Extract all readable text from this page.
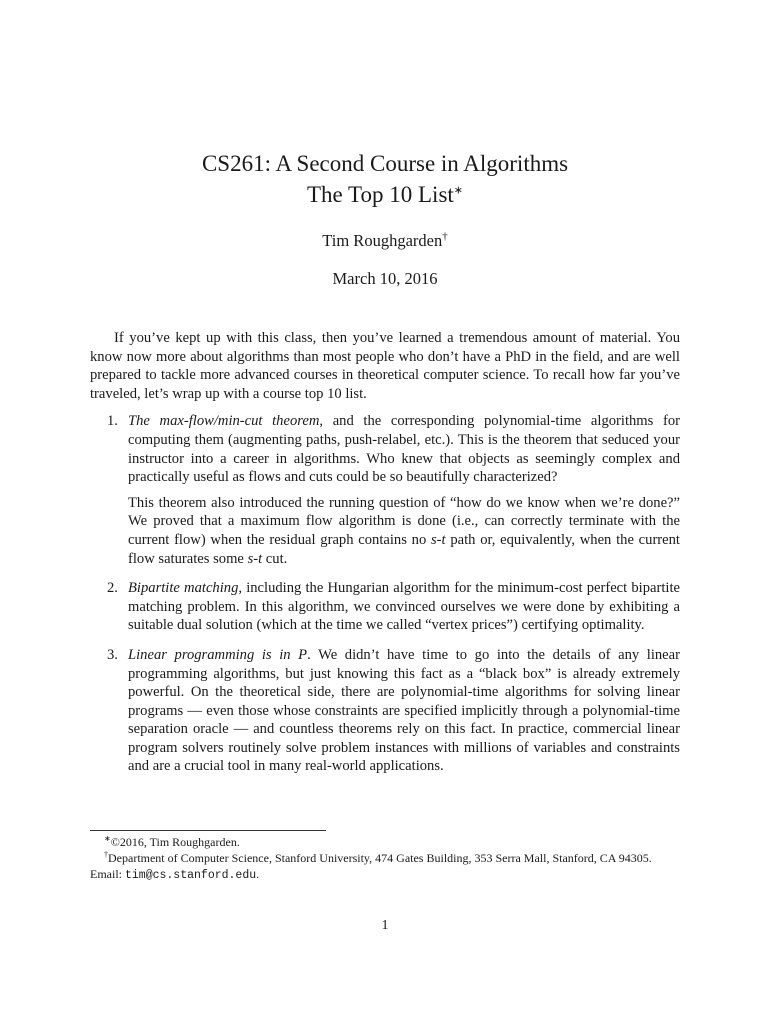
CS261: A Second Course in Algorithms
The Top 10 List∗
Tim Roughgarden†
March 10, 2016

If you’ve kept up with this class, then you’ve learned a tremendous amount of material. You know now more about algorithms than most people who don’t have a PhD in the field, and are well prepared to tackle more advanced courses in theoretical computer science. To recall how far you’ve traveled, let’s wrap up with a course top 10 list.

1. The max-flow/min-cut theorem, and the corresponding polynomial-time algorithms for computing them (augmenting paths, push-relabel, etc.). This is the theorem that seduced your instructor into a career in algorithms. Who knew that objects as seemingly complex and practically useful as flows and cuts could be so beautifully characterized?

This theorem also introduced the running question of “how do we know when we’re done?” We proved that a maximum flow algorithm is done (i.e., can correctly terminate with the current flow) when the residual graph contains no s-t path or, equivalently, when the current flow saturates some s-t cut.

2. Bipartite matching, including the Hungarian algorithm for the minimum-cost perfect bipartite matching problem. In this algorithm, we convinced ourselves we were done by exhibiting a suitable dual solution (which at the time we called “vertex prices”) certifying optimality.

3. Linear programming is in P. We didn’t have time to go into the details of any linear programming algorithms, but just knowing this fact as a “black box” is already extremely powerful. On the theoretical side, there are polynomial-time algorithms for solving linear programs — even those whose constraints are specified implicitly through a polynomial-time separation oracle — and countless theorems rely on this fact. In practice, commercial linear program solvers routinely solve problem instances with millions of variables and constraints and are a crucial tool in many real-world applications.

∗©2016, Tim Roughgarden.

†Department of Computer Science, Stanford University, 474 Gates Building, 353 Serra Mall, Stanford, CA 94305. Email: tim@cs.stanford.edu.

1
